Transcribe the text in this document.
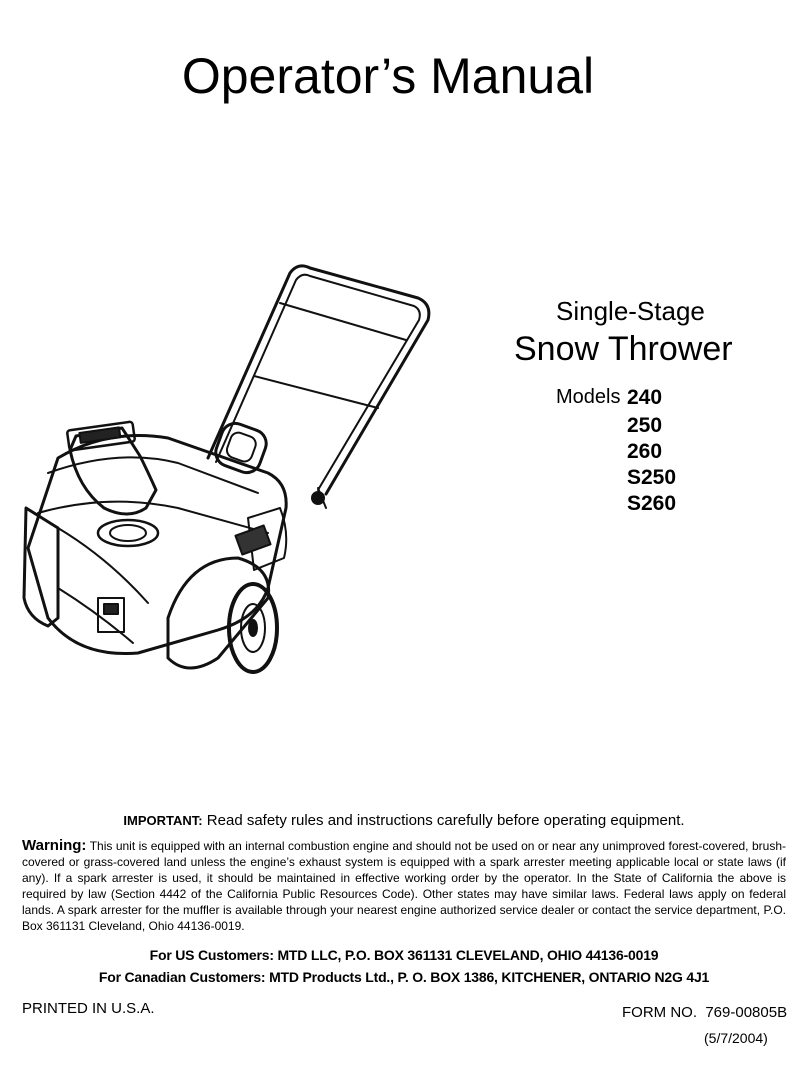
Operator’s Manual
Single-Stage
Snow Thrower
Models 240
250
260
S250
S260
IMPORTANT: Read safety rules and instructions carefully before operating equipment.
Warning: This unit is equipped with an internal combustion engine and should not be used on or near any unimproved forest-covered, brush-covered or grass-covered land unless the engine’s exhaust system is equipped with a spark arrester meeting applicable local or state laws (if any). If a spark arrester is used, it should be maintained in effective working order by the operator. In the State of California the above is required by law (Section 4442 of the California Public Resources Code). Other states may have similar laws. Federal laws apply on federal lands. A spark arrester for the muffler is available through your nearest engine authorized service dealer or contact the service department, P.O. Box 361131 Cleveland, Ohio 44136-0019.
For US Customers: MTD LLC, P.O. BOX 361131 CLEVELAND, OHIO 44136-0019
For Canadian Customers: MTD Products Ltd., P. O. BOX 1386, KITCHENER, ONTARIO N2G 4J1
PRINTED IN U.S.A.	FORM NO. 769-00805B
(5/7/2004)
